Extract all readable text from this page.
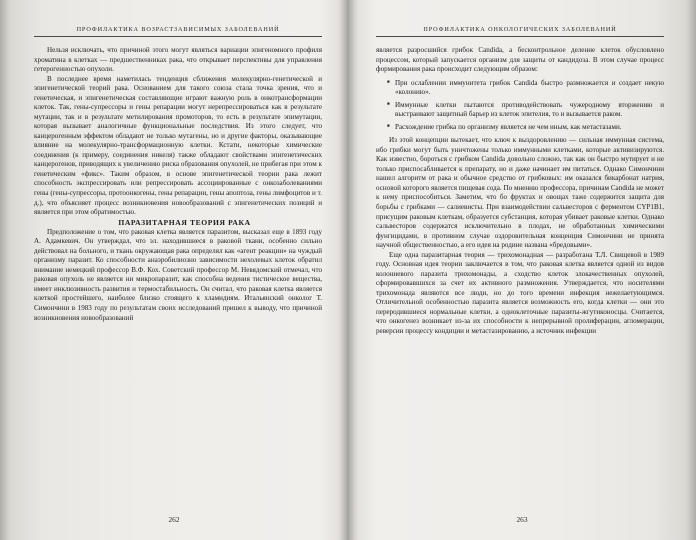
ПРОФИЛАКТИКА ВОЗРАСТЗАВИСИМЫХ ЗАБОЛЕВАНИЙ

Нельзя исключать, что причиной этого могут являться вариации эпигеномного профиля хроматина в клетках — предшественниках рака, что открывает перспективы для управления гетерогенностью опухоли.

В последнее время наметилась тенденция сближения молекулярно-генетической и эпигенетической теорий рака. Основанием для такого союза стала точка зрения, что и генетическая, и эпигенетическая составляющие играют важную роль в онкотрансформации клеток. Так, гены-супрессоры и гены репарации могут нерепрессироваться как в результате мутации, так и в результате метилирования промоторов, то есть в результате эпимутации, которая вызывает аналогичные функциональные последствия. Из этого следует, что канцерогенным эффектом обладают не только мутагены, но и другие факторы, оказывающие влияние на молекулярно-трансформационную клетки. Кстати, некоторые химические соединения (к примеру, соединения никеля) также обладают свойствами эпигенетических канцерогенов, приводящих к увеличению риска образования опухолей, не прибегая при этом к генетическим «фикс». Таким образом, в основе эпигенетической теории рака лежит способность экспрессировать или репрессировать ассоциированные с онкозаболеваниями гены (гены-супрессоры, протоонкогены, гены репарации, гены апоптоза, гены лимфоцитов и т. д.), что объясняет процесс возникновения новообразований с эпигенетических позиций и является при этом обратимостью.

ПАРАЗИТАРНАЯ ТЕОРИЯ РАКА

Предположение о том, что раковая клетка является паразитом, высказал еще в 1893 году А. Адамкевич. Он утверждал, что эл. находившиеся в раковой ткани, особенно сильно действовал на больного, и ткань окружающая рака определял как «агент реакции» на чуждый организму паразит. Ко способности анаэробилиозно зависимости нехолевых клеток обратил внимание немецкий профессор В.Ф. Кох. Советский профессор М. Невядомский отмечал, что раковая опухоль не является ни микропаразит, как способна ведения тистическое вещества, имеет инклюзивность развития и термостабильность. Он считал, что раковая клетка является клеткой простейшего, наиболее близко стоящего к хламидиям. Итальянский онколог Т. Симончини в 1983 году по результатам своих исследований пришел к выводу, что причиной возникновения новообразований

262
ПРОФИЛАКТИКА ОНКОЛОГИЧЕСКИХ ЗАБОЛЕВАНИЙ

является разросшийся грибок Candida, а бесконтрольное деление клеток обусловлено процессом, который запускается организм для защиты от кандидоза. В этом случае процесс формирования рака происходит следующим образом:

■ При ослаблении иммунитета грибок Candida быстро размножается и создает некую «колонию».
■ Иммунные клетки пытаются противодействовать чужеродному вторжению и выстраивают защитный барьер из клеток эпителия, то и вызывается раком.
■ Расхождение грибка по организму является не чем иным, как метастазами.

Из этой концепции вытекает, что ключ к выздоровлению — сильная иммунная система, ибо грибки могут быть уничтожены только иммунными клетками, которые активизируются. Как известно, бороться с грибком Candida довольно сложно, так как он быстро мутирует и не только приспосабливается к препарату, но и даже начинает им питаться. Однако Симончини нашел алгоритм от рака и обычное средство от грибковых: им оказался бикарбонат натрия, основой которого является пищевая сода. По мнению профессора, причинам Candida не может к нему приспособиться. Заметим, что бо фруктах и овощах таже содержится защита для борьбы с грибками — салиевисты. При взаимодействии сальвесторов с ферментом CYP1B1, присущим раковым клеткам, образуется субстанция, которая убивает раковые клетки. Однако сальвесторов содержатся исключительно в плодах, не обработанных химическими фунгицидами, в противном случае оздоровительная конценция Симончини не принята научной общественностью, а его идея на родине названа «бредовыми».

Еще одна паразитарная теория — трихомонадная — разработана Т.Л. Свищевой в 1989 году. Основная идея теории заключается в том, что раковая клетка является одной из видов колониевого паразита трихомонады, а сходство клеток злокачественных опухолей, сформировавшихся за счет их активного размножения. Утверждается, что носителями трихомонада являются все люди, но до того времени инфекция нежелаетующимся. Отличительной особенностью паразита является возможность его, когда клетки — они это переродившиеся нормальные клетки, а одноклеточные паразиты-жгутиконосцы. Считается, что онкогенез возникает из-за их способности к непрерывной пролиферации, агломерации, реверсии процессу кондиции и метастазированию, а источник инфекции

263
